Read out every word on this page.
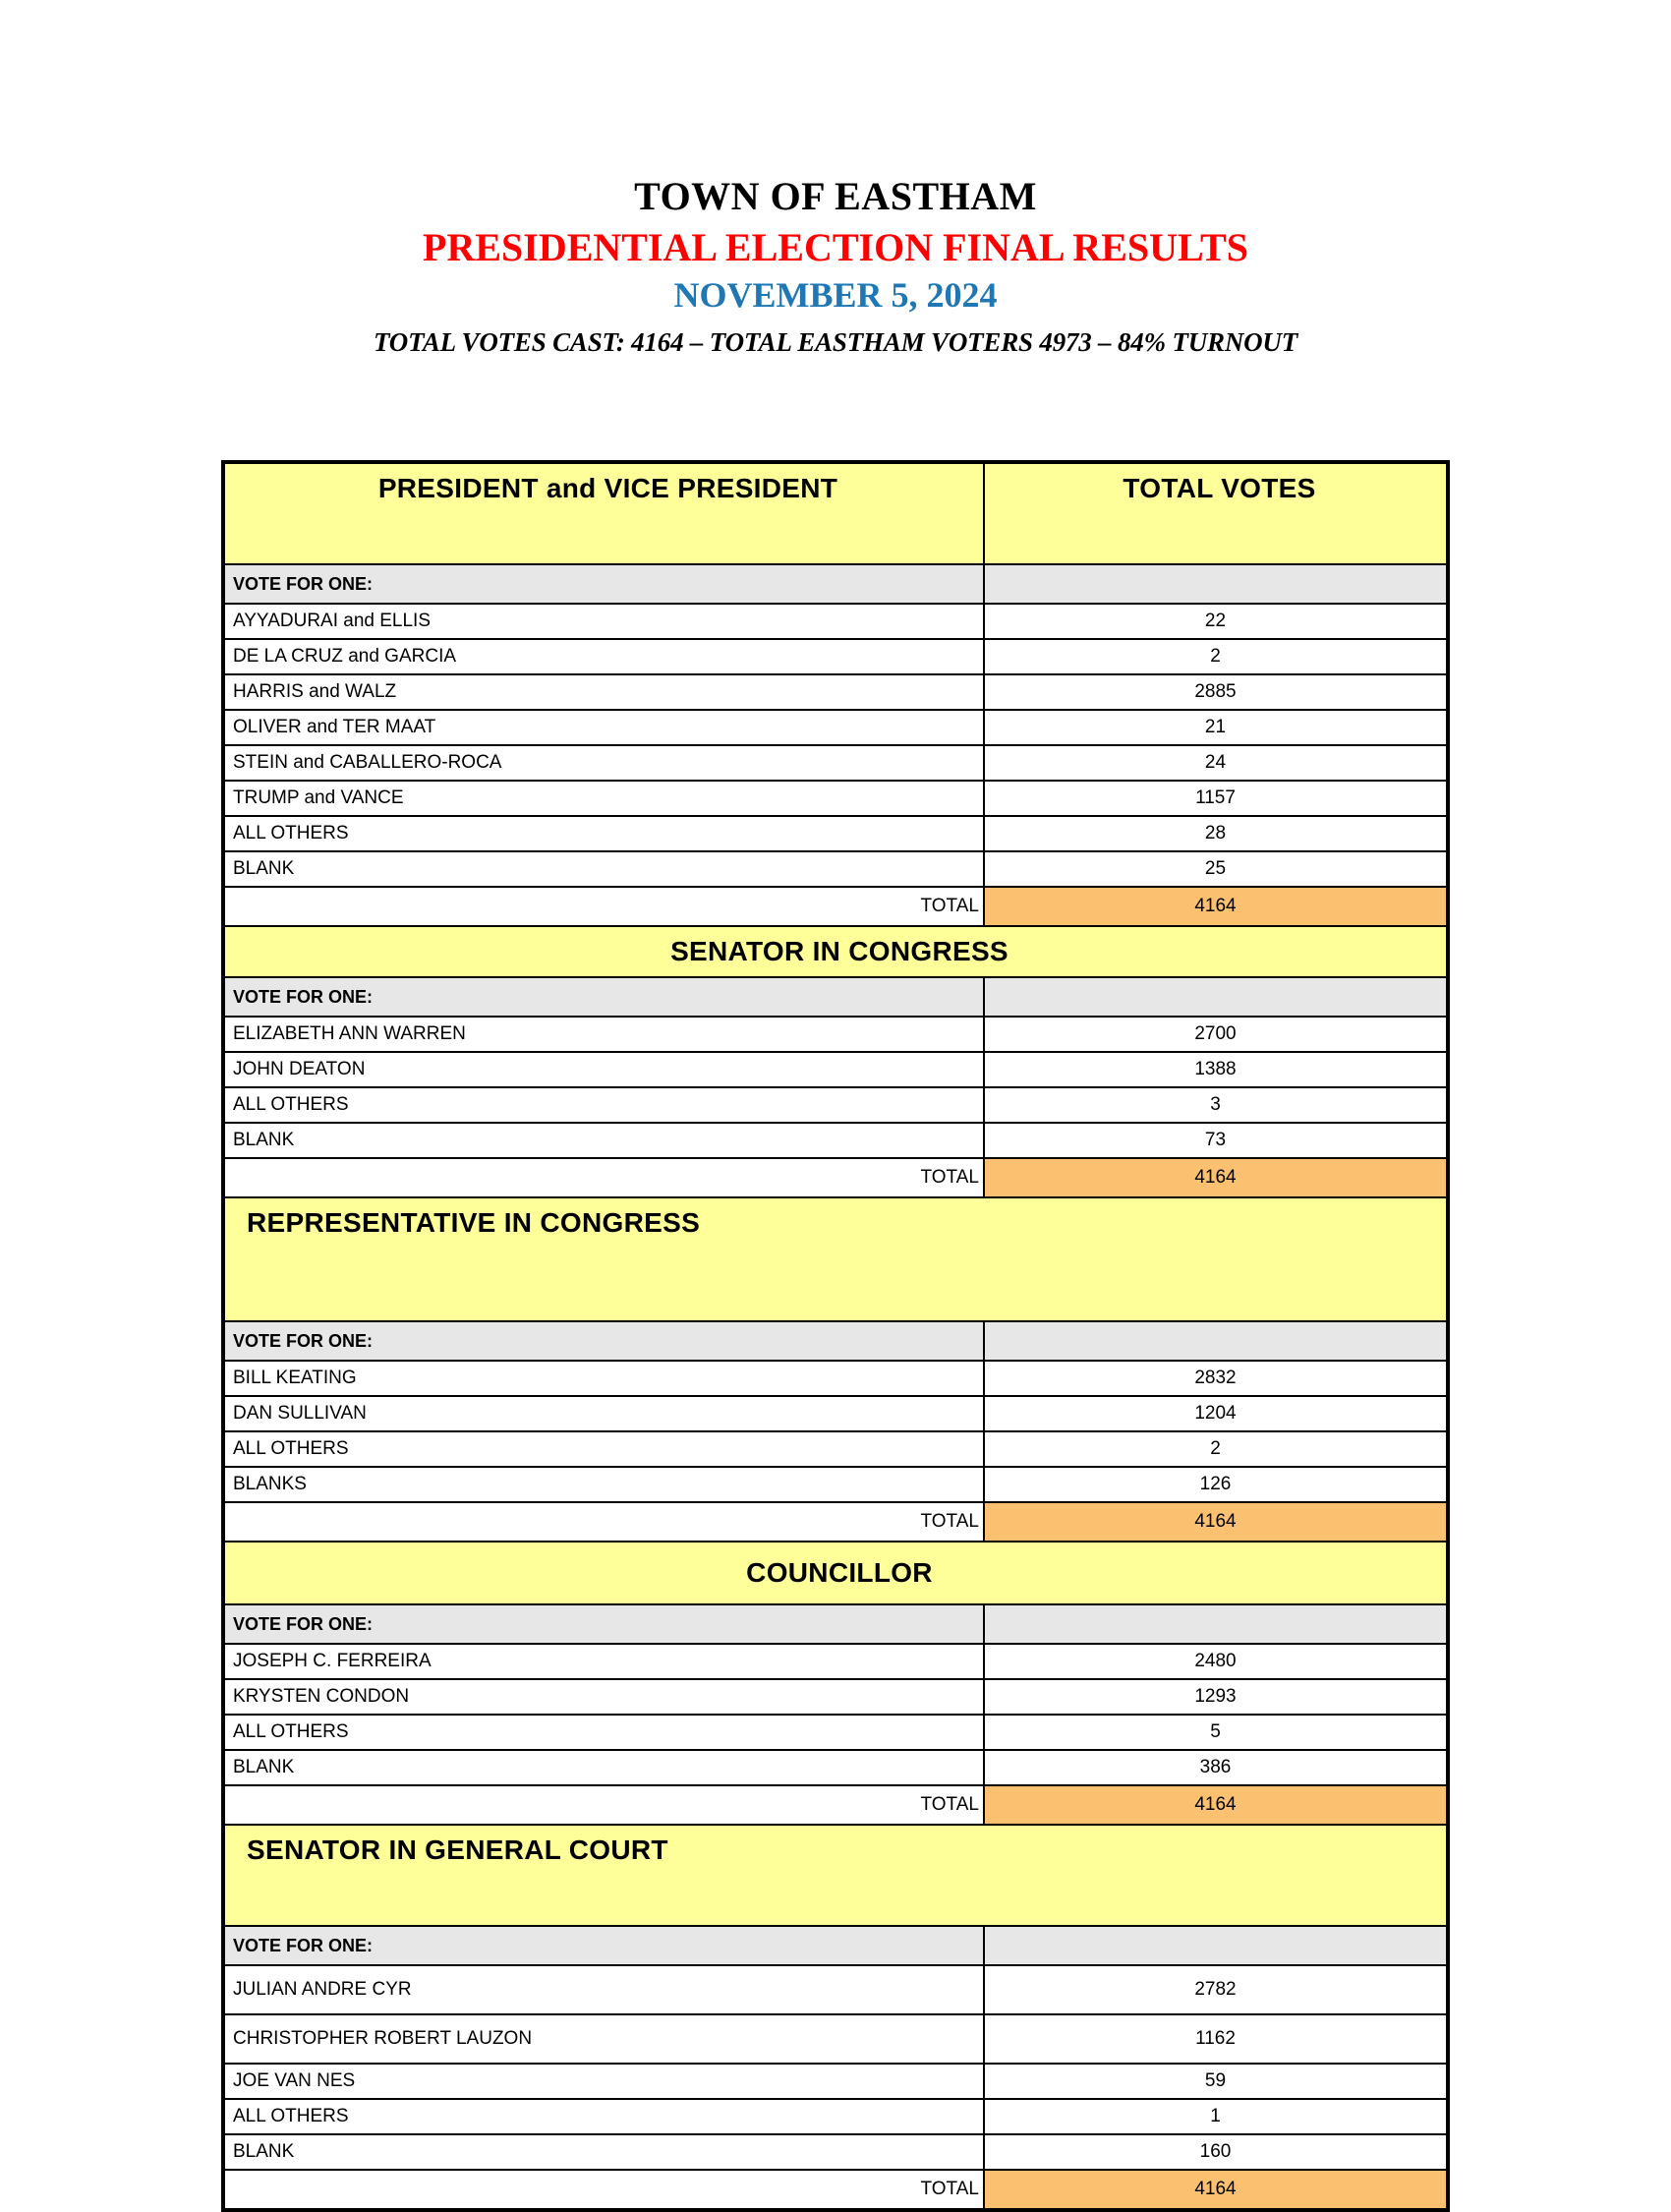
TOWN OF EASTHAM
PRESIDENTIAL ELECTION FINAL RESULTS
NOVEMBER 5, 2024
TOTAL VOTES CAST: 4164 – TOTAL EASTHAM VOTERS 4973 – 84% TURNOUT
PRESIDENT and VICE PRESIDENT	TOTAL VOTES
VOTE FOR ONE:	
AYYADURAI and ELLIS	22
DE LA CRUZ and GARCIA	2
HARRIS and WALZ	2885
OLIVER and TER MAAT	21
STEIN and CABALLERO-ROCA	24
TRUMP and VANCE	1157
ALL OTHERS	28
BLANK	25
TOTAL	4164
SENATOR IN CONGRESS	
VOTE FOR ONE:	
ELIZABETH ANN WARREN	2700
JOHN DEATON	1388
ALL OTHERS	3
BLANK	73
TOTAL	4164
REPRESENTATIVE IN CONGRESS	
VOTE FOR ONE:	
BILL KEATING	2832
DAN SULLIVAN	1204
ALL OTHERS	2
BLANKS	126
TOTAL	4164
COUNCILLOR	
VOTE FOR ONE:	
JOSEPH C. FERREIRA	2480
KRYSTEN CONDON	1293
ALL OTHERS	5
BLANK	386
TOTAL	4164
SENATOR IN GENERAL COURT	
VOTE FOR ONE:	
JULIAN ANDRE CYR	2782
CHRISTOPHER ROBERT LAUZON	1162
JOE VAN NES	59
ALL OTHERS	1
BLANK	160
TOTAL	4164
